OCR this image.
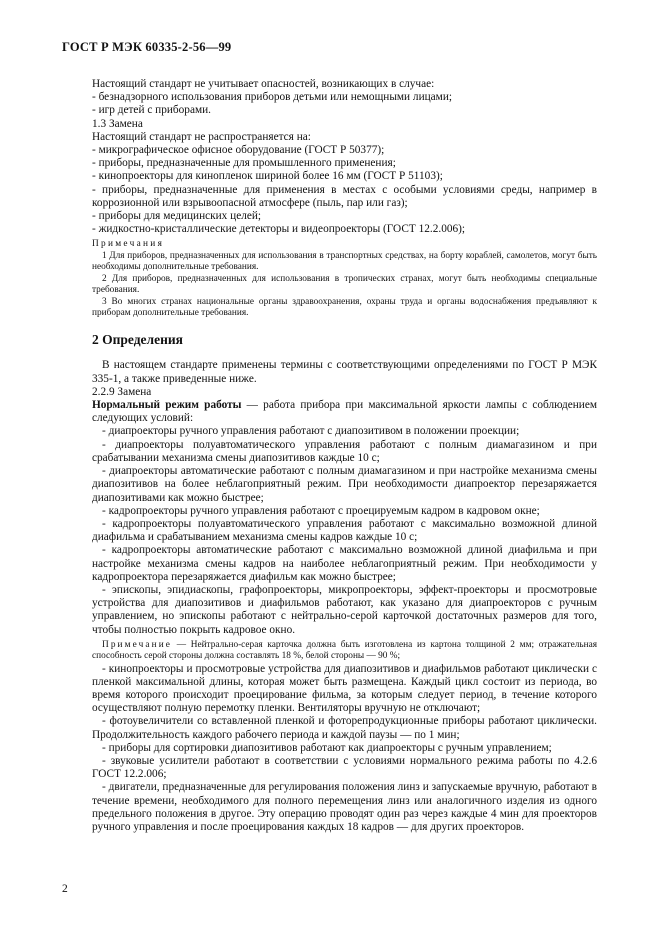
ГОСТ Р МЭК 60335-2-56—99

Настоящий стандарт не учитывает опасностей, возникающих в случае:

- безнадзорного использования приборов детьми или немощными лицами;

- игр детей с приборами.

1.3 Замена

Настоящий стандарт не распространяется на:

- микрографическое офисное оборудование (ГОСТ Р 50377);

- приборы, предназначенные для промышленного применения;

- кинопроекторы для кинопленок шириной более 16 мм (ГОСТ Р 51103);

- приборы, предназначенные для применения в местах с особыми условиями среды, например в коррозионной или взрывоопасной атмосфере (пыль, пар или газ);

- приборы для медицинских целей;

- жидкостно-кристаллические детекторы и видеопроекторы (ГОСТ 12.2.006);

Примечания

1 Для приборов, предназначенных для использования в транспортных средствах, на борту кораблей, самолетов, могут быть необходимы дополнительные требования.

2 Для приборов, предназначенных для использования в тропических странах, могут быть необходимы специальные требования.

3 Во многих странах национальные органы здравоохранения, охраны труда и органы водоснабжения предъявляют к приборам дополнительные требования.

2 Определения

В настоящем стандарте применены термины с соответствующими определениями по ГОСТ Р МЭК 335-1, а также приведенные ниже.

2.2.9 Замена

Нормальный режим работы — работа прибора при максимальной яркости лампы с соблюдением следующих условий:

- диапроекторы ручного управления работают с диапозитивом в положении проекции;

- диапроекторы полуавтоматического управления работают с полным диамагазином и при срабатывании механизма смены диапозитивов каждые 10 с;

- диапроекторы автоматические работают с полным диамагазином и при настройке механизма смены диапозитивов на более неблагоприятный режим. При необходимости диапроектор перезаряжается диапозитивами как можно быстрее;

- кадропроекторы ручного управления работают с проецируемым кадром в кадровом окне;

- кадропроекторы полуавтоматического управления работают с максимально возможной длиной диафильма и срабатыванием механизма смены кадров каждые 10 с;

- кадропроекторы автоматические работают с максимально возможной длиной диафильма и при настройке механизма смены кадров на наиболее неблагоприятный режим. При необходимости у кадропроектора перезаряжается диафильм как можно быстрее;

- эпископы, эпидиаскопы, графопроекторы, микропроекторы, эффект-проекторы и просмотровые устройства для диапозитивов и диафильмов работают, как указано для диапроекторов с ручным управлением, но эпископы работают с нейтрально-серой карточкой достаточных размеров для того, чтобы полностью покрыть кадровое окно.

Примечание — Нейтрально-серая карточка должна быть изготовлена из картона толщиной 2 мм; отражательная способность серой стороны должна составлять 18 %, белой стороны — 90 %;

- кинопроекторы и просмотровые устройства для диапозитивов и диафильмов работают циклически с пленкой максимальной длины, которая может быть размещена. Каждый цикл состоит из периода, во время которого происходит проецирование фильма, за которым следует период, в течение которого осуществляют полную перемотку пленки. Вентиляторы вручную не отключают;

- фотоувеличители со вставленной пленкой и фоторепродукционные приборы работают циклически. Продолжительность каждого рабочего периода и каждой паузы — по 1 мин;

- приборы для сортировки диапозитивов работают как диапроекторы с ручным управлением;

- звуковые усилители работают в соответствии с условиями нормального режима работы по 4.2.6 ГОСТ 12.2.006;

- двигатели, предназначенные для регулирования положения линз и запускаемые вручную, работают в течение времени, необходимого для полного перемещения линз или аналогичного изделия из одного предельного положения в другое. Эту операцию проводят один раз через каждые 4 мин для проекторов ручного управления и после проецирования каждых 18 кадров — для других проекторов.

2
